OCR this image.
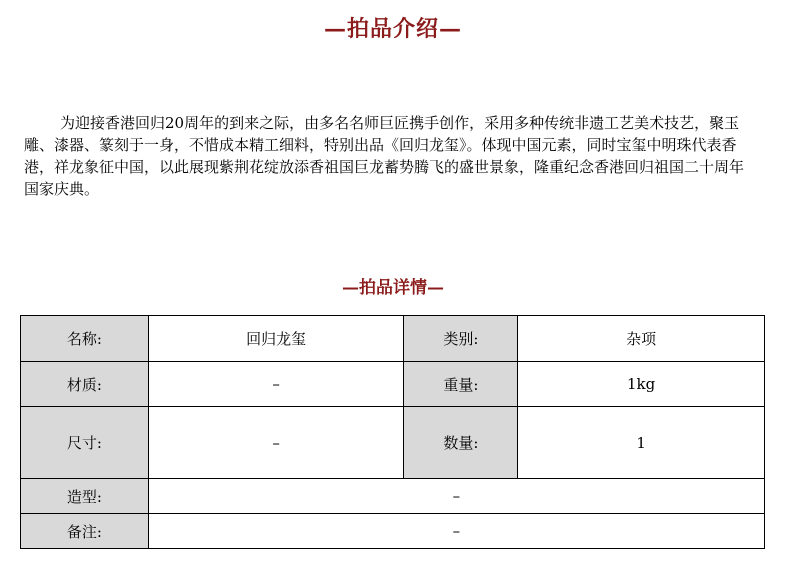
—拍品介绍—

为迎接香港回归20周年的到来之际，由多名名师巨匠携手创作，采用多种传统非遗工艺美术技艺，聚玉雕、漆器、篆刻于一身，不惜成本精工细料，特别出品《回归龙玺》。体现中国元素，同时宝玺中明珠代表香港，祥龙象征中国，以此展现紫荆花绽放添香祖国巨龙蓄势腾飞的盛世景象，隆重纪念香港回归祖国二十周年国家庆典。

—拍品详情—
名称:	回归龙玺	类别:	杂项
材质:	–	重量:	1kg
尺寸:	–	数量:	1
造型:	–		
备注:	–		
